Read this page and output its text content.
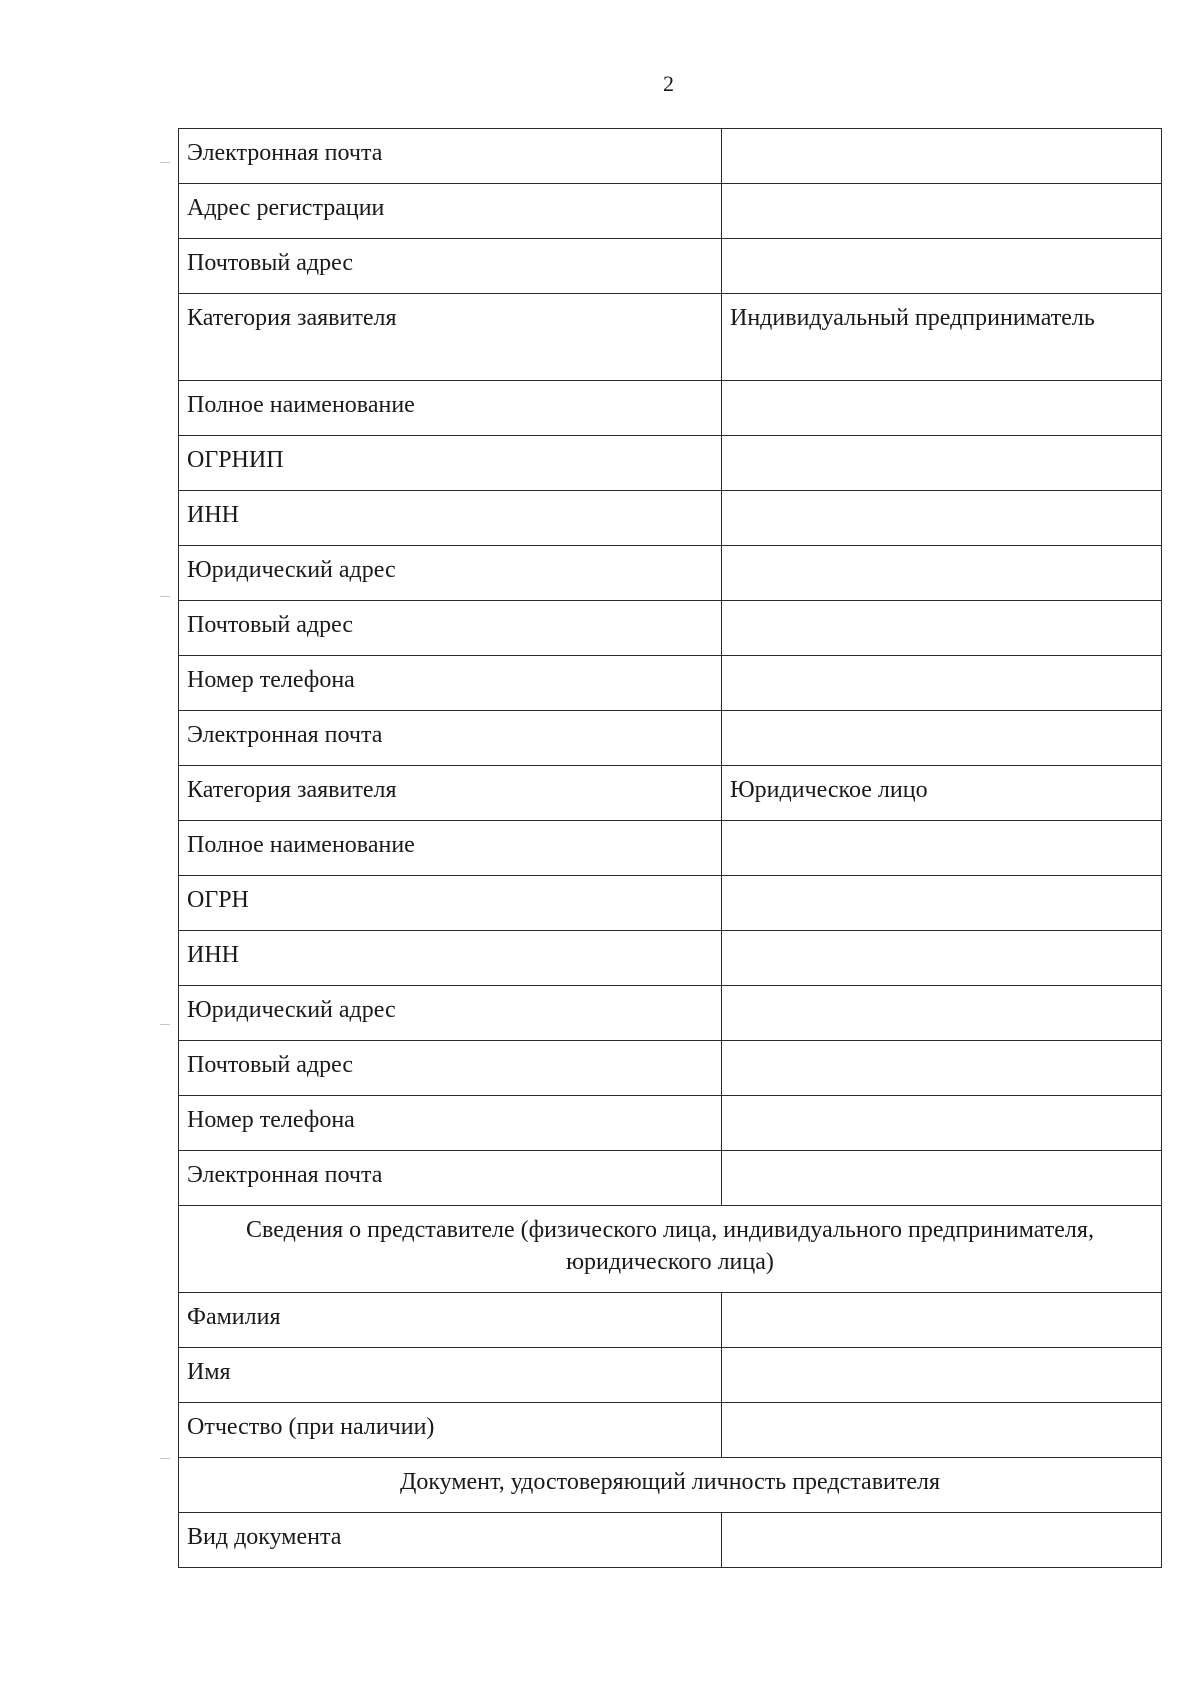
2
Электронная почта	
Адрес регистрации	
Почтовый адрес	
Категория заявителя	Индивидуальный предприниматель
Полное наименование	
ОГРНИП	
ИНН	
Юридический адрес	
Почтовый адрес	
Номер телефона	
Электронная почта	
Категория заявителя	Юридическое лицо
Полное наименование	
ОГРН	
ИНН	
Юридический адрес	
Почтовый адрес	
Номер телефона	
Электронная почта	
Сведения о представителе (физического лица, индивидуального предпринимателя, юридического лица)	
Фамилия	
Имя	
Отчество (при наличии)	
Документ, удостоверяющий личность представителя	
Вид документа	
